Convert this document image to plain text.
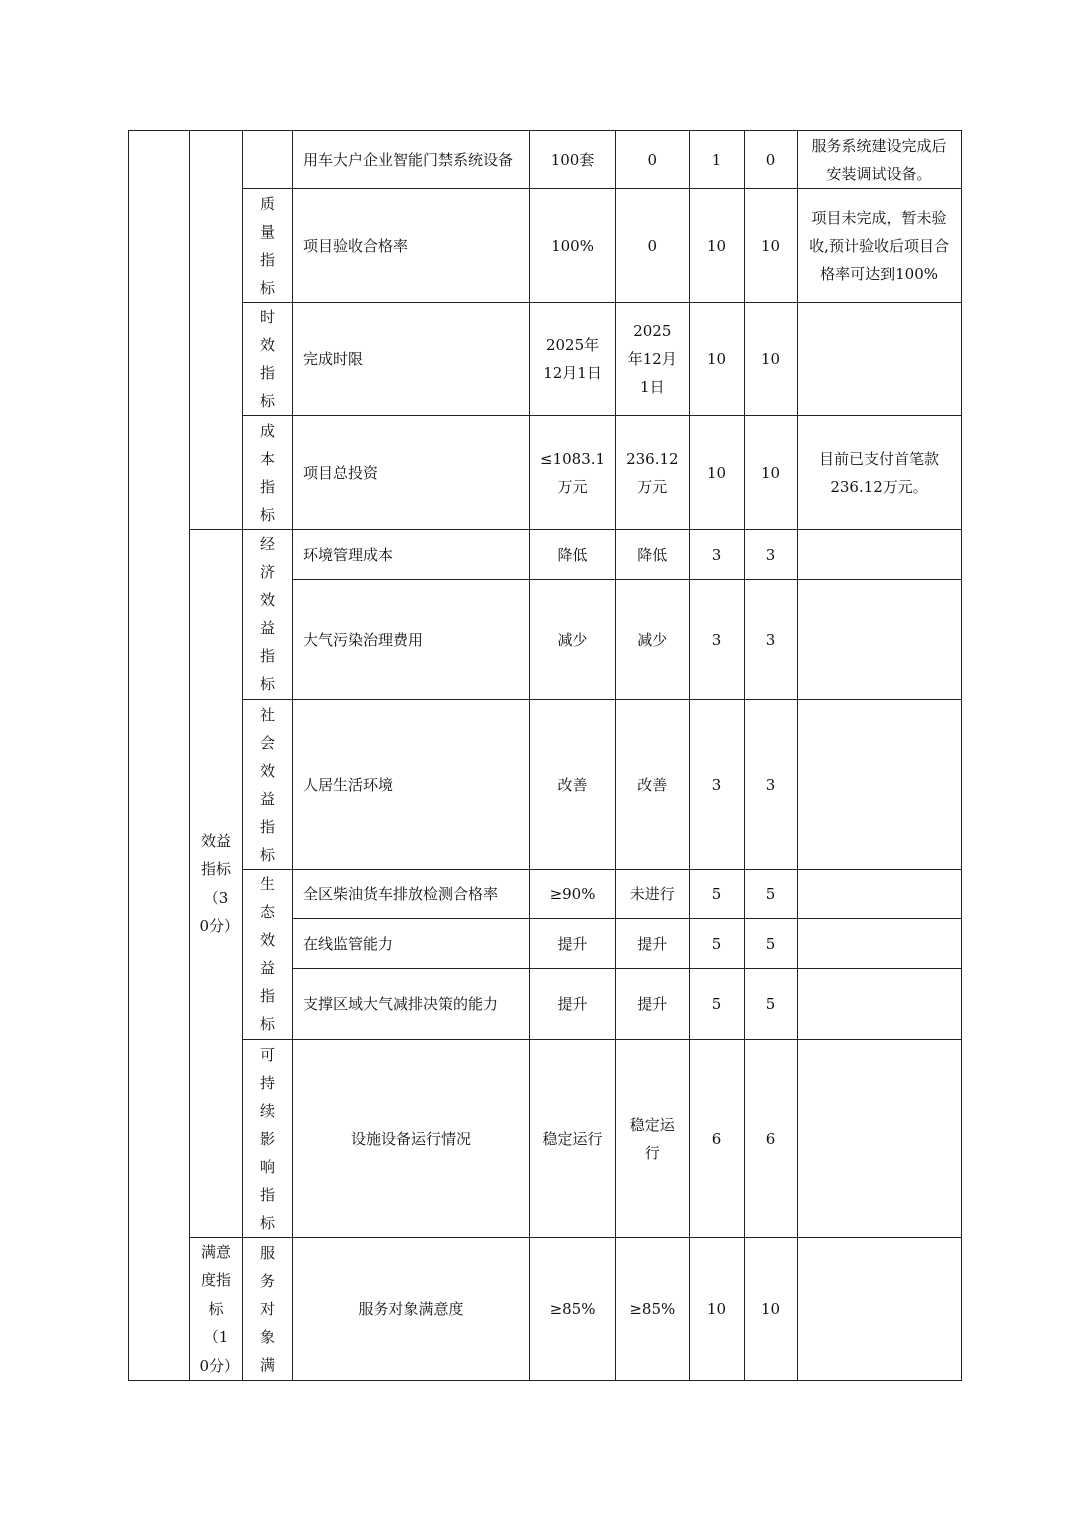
			用车大户企业智能门禁系统设备	100套	0	1	0	服务系统建设完成后安装调试设备。

		质量指标	项目验收合格率	100%	0	10	10	项目未完成，暂未验收,预计验收后项目合格率可达到100%

		时效指标	完成时限	2025年12月1日	2025年12月1日	10	10	

		成本指标	项目总投资	≤1083.1万元	236.12万元	10	10	目前已支付首笔款236.12万元。

	效益指标（30分）	经济效益指标	环境管理成本	降低	降低	3	3	
			大气污染治理费用	减少	减少	3	3	

		社会效益指标	人居生活环境	改善	改善	3	3	

		生态效益指标	全区柴油货车排放检测合格率	≥90%	未进行	5	5	
			在线监管能力	提升	提升	5	5	
			支撑区域大气减排决策的能力	提升	提升	5	5	

		可持续影响指标	设施设备运行情况	稳定运行	稳定运行	6	6	

	满意度指标（10分）	服务对象满	服务对象满意度	≥85%	≥85%	10	10	
